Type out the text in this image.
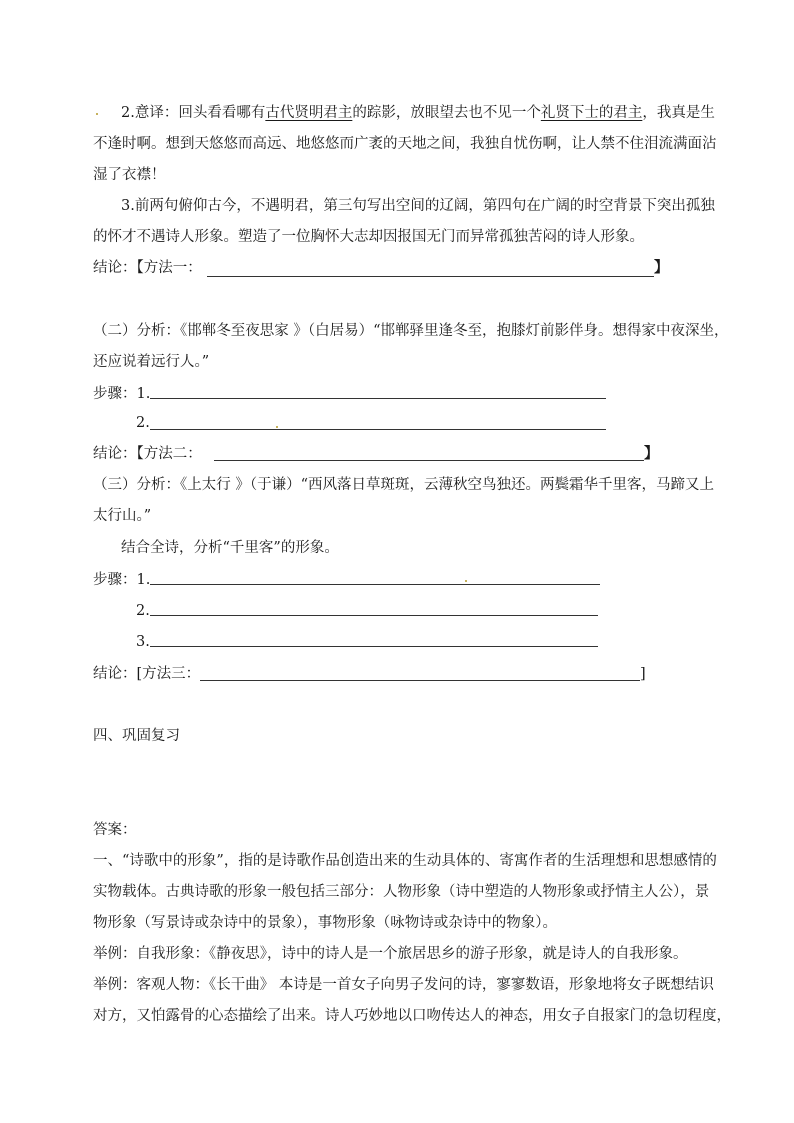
2.意译：回头看看哪有古代贤明君主的踪影，放眼望去也不见一个礼贤下士的君主，我真是生
不逢时啊。想到天悠悠而高远、地悠悠而广袤的天地之间，我独自忧伤啊，让人禁不住泪流满面沾
湿了衣襟！
3.前两句俯仰古今，不遇明君，第三句写出空间的辽阔，第四句在广阔的时空背景下突出孤独
的怀才不遇诗人形象。塑造了一位胸怀大志却因报国无门而异常孤独苦闷的诗人形象。
结论：【方法一：	】
（二）分析：《邯郸冬至夜思家 》（白居易）“邯郸驿里逢冬至，抱膝灯前影伴身。想得家中夜深坐，
还应说着远行人。”
步骤：1.
2.
结论：【方法二：	】
（三）分析：《上太行 》（于谦）“西风落日草斑斑，云薄秋空鸟独还。两鬓霜华千里客，马蹄又上
太行山。”
结合全诗，分析“千里客”的形象。
步骤：1.
2.
3.
结论：[方法三：	]
四、巩固复习
答案：
一、“诗歌中的形象”，指的是诗歌作品创造出来的生动具体的、寄寓作者的生活理想和思想感情的
实物载体。古典诗歌的形象一般包括三部分：人物形象（诗中塑造的人物形象或抒情主人公），景
物形象（写景诗或杂诗中的景象），事物形象（咏物诗或杂诗中的物象）。
举例：自我形象：《静夜思》，诗中的诗人是一个旅居思乡的游子形象，就是诗人的自我形象。
举例：客观人物：《长干曲》 本诗是一首女子向男子发问的诗，寥寥数语，形象地将女子既想结识
对方，又怕露骨的心态描绘了出来。诗人巧妙地以口吻传达人的神态，用女子自报家门的急切程度，
